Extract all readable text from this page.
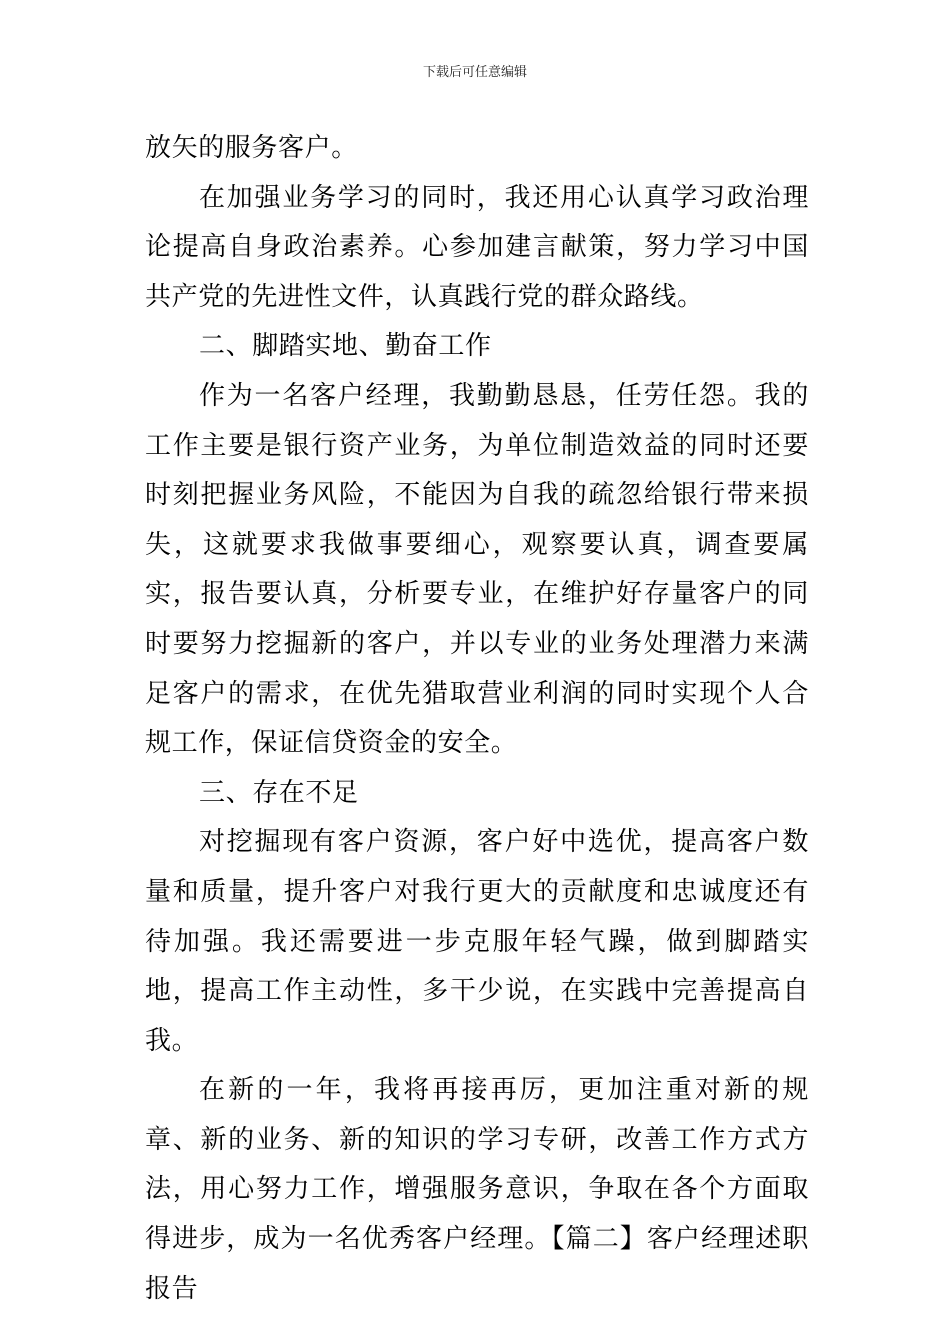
下载后可任意编辑

放矢的服务客户。

在加强业务学习的同时，我还用心认真学习政治理论提高自身政治素养。心参加建言献策，努力学习中国共产党的先进性文件，认真践行党的群众路线。

二、脚踏实地、勤奋工作

作为一名客户经理，我勤勤恳恳，任劳任怨。我的工作主要是银行资产业务，为单位制造效益的同时还要时刻把握业务风险，不能因为自我的疏忽给银行带来损失，这就要求我做事要细心，观察要认真，调查要属实，报告要认真，分析要专业，在维护好存量客户的同时要努力挖掘新的客户，并以专业的业务处理潜力来满足客户的需求，在优先猎取营业利润的同时实现个人合规工作，保证信贷资金的安全。

三、存在不足

对挖掘现有客户资源，客户好中选优，提高客户数量和质量，提升客户对我行更大的贡献度和忠诚度还有待加强。我还需要进一步克服年轻气躁，做到脚踏实地，提高工作主动性，多干少说，在实践中完善提高自我。

在新的一年，我将再接再厉，更加注重对新的规章、新的业务、新的知识的学习专研，改善工作方式方法，用心努力工作，增强服务意识，争取在各个方面取得进步，成为一名优秀客户经理。【篇二】客户经理述职报告
